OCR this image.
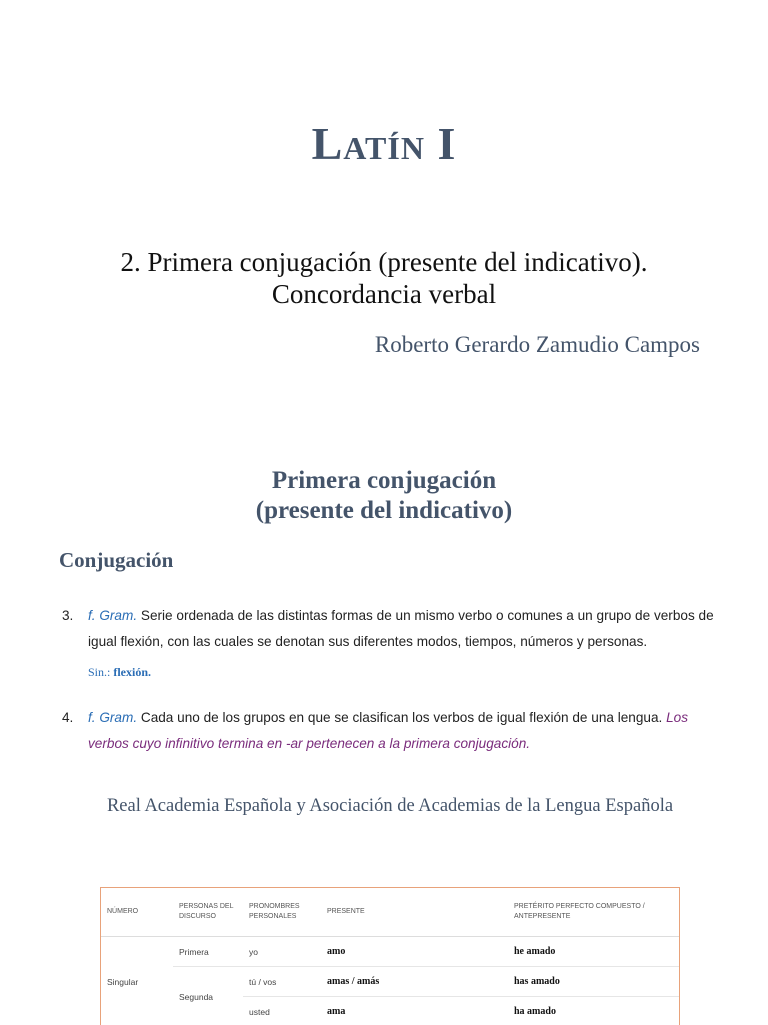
Latín I
2. Primera conjugación (presente del indicativo).
Concordancia verbal
Roberto Gerardo Zamudio Campos
Primera conjugación
(presente del indicativo)
Conjugación
3. f. Gram. Serie ordenada de las distintas formas de un mismo verbo o comunes a un grupo de verbos de igual flexión, con las cuales se denotan sus diferentes modos, tiempos, números y personas.
Sin.: flexión.
4. f. Gram. Cada uno de los grupos en que se clasifican los verbos de igual flexión de una lengua. Los verbos cuyo infinitivo termina en -ar pertenecen a la primera conjugación.
Real Academia Española y Asociación de Academias de la Lengua Española
NÚMERO	PERSONAS DEL DISCURSO	PRONOMBRES PERSONALES	PRESENTE	PRETÉRITO PERFECTO COMPUESTO / ANTEPRESENTE
Singular	Primera	yo	amo	he amado
	Segunda	tú / vos	amas / amás	has amado
		usted	ama	ha amado
